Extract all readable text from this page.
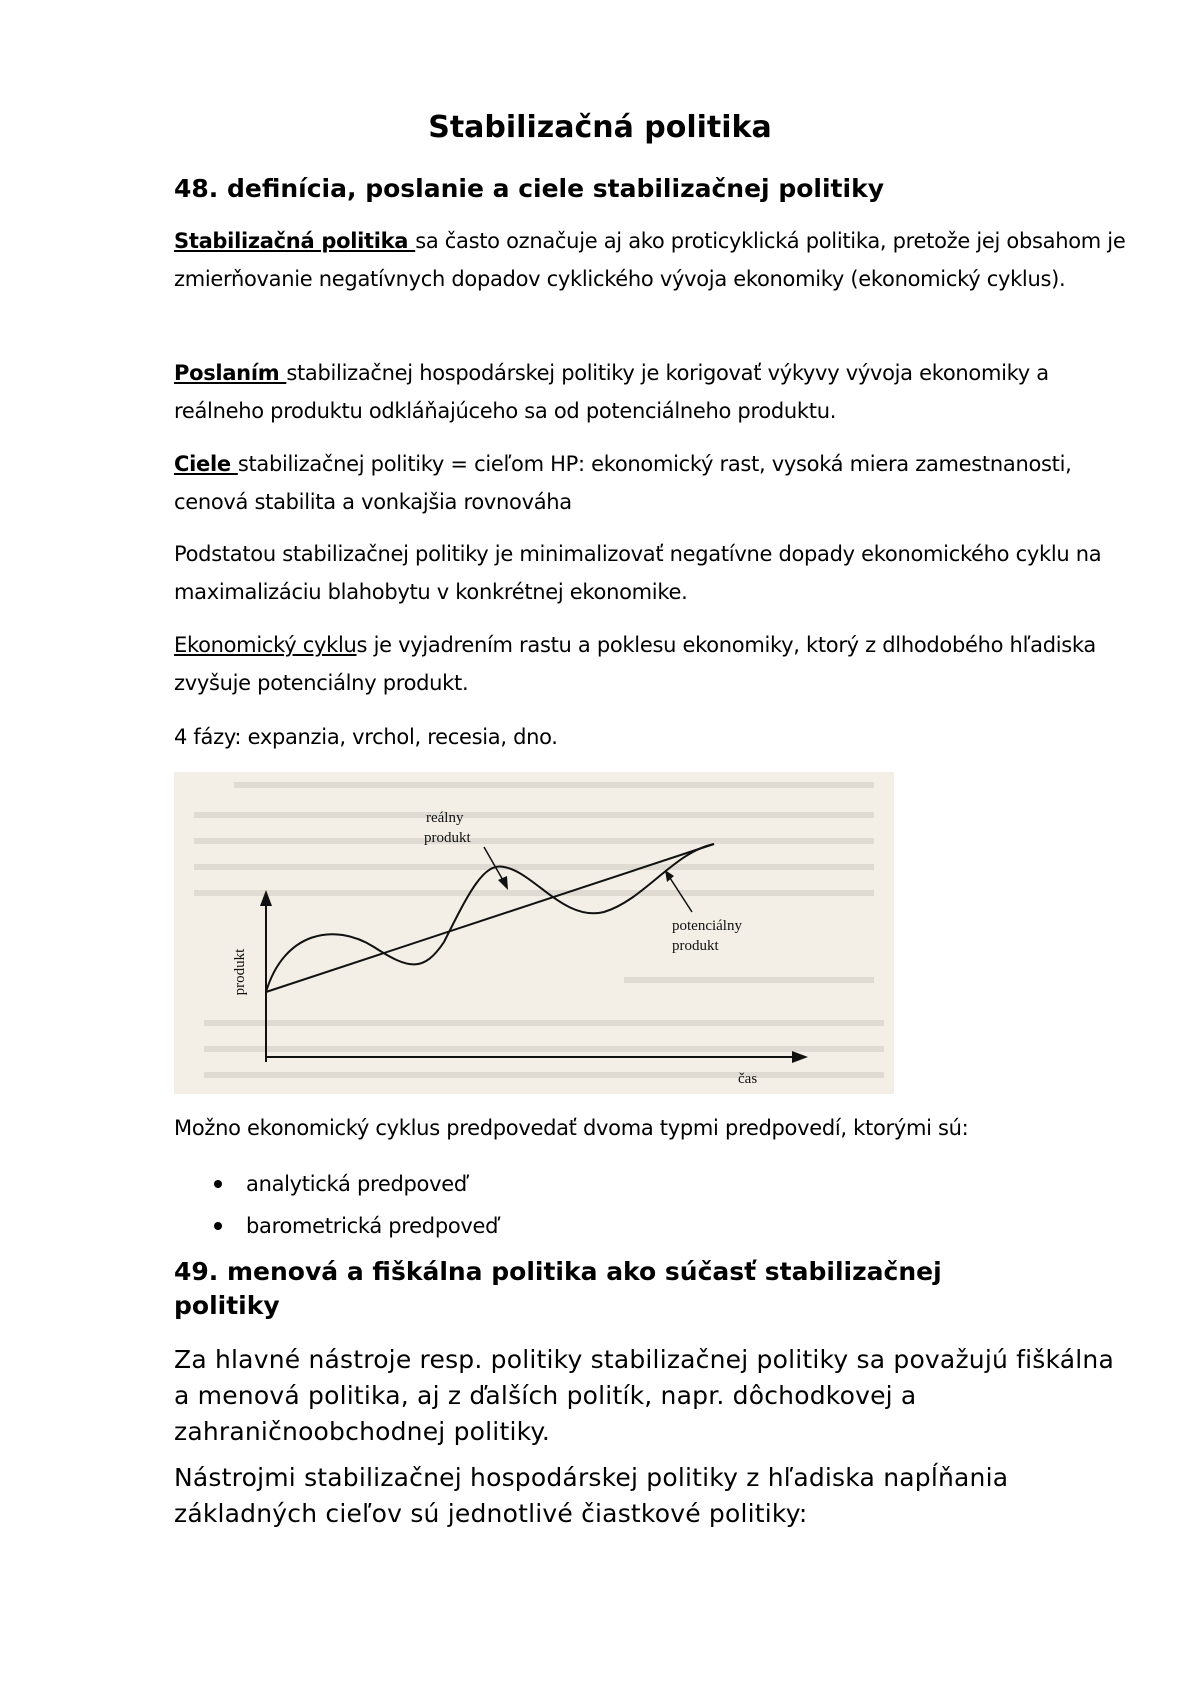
Stabilizačná politika
48. definícia, poslanie a ciele stabilizačnej politiky

Stabilizačná politika sa často označuje aj ako proticyklická politika, pretože jej obsahom je zmierňovanie negatívnych dopadov cyklického vývoja ekonomiky (ekonomický cyklus).

Poslaním stabilizačnej hospodárskej politiky je korigovať výkyvy vývoja ekonomiky a reálneho produktu odkláňajúceho sa od potenciálneho produktu.

Ciele stabilizačnej politiky = cieľom HP: ekonomický rast, vysoká miera zamestnanosti, cenová stabilita a vonkajšia rovnováha

Podstatou stabilizačnej politiky je minimalizovať negatívne dopady ekonomického cyklu na maximalizáciu blahobytu v konkrétnej ekonomike.

Ekonomický cyklus je vyjadrením rastu a poklesu ekonomiky, ktorý z dlhodobého hľadiska zvyšuje potenciálny produkt.

4 fázy: expanzia, vrchol, recesia, dno.

reálny
produkt
potenciálny
produkt
čas
produkt

Možno ekonomický cyklus predpovedať dvoma typmi predpovedí, ktorými sú:

analytická predpoveď
barometrická predpoveď
49. menová a fiškálna politika ako súčasť stabilizačnej
politiky

Za hlavné nástroje resp. politiky stabilizačnej politiky sa považujú fiškálna a menová politika, aj z ďalších politík, napr. dôchodkovej a zahraničnoobchodnej politiky.

Nástrojmi stabilizačnej hospodárskej politiky z hľadiska napĺňania základných cieľov sú jednotlivé čiastkové politiky:
